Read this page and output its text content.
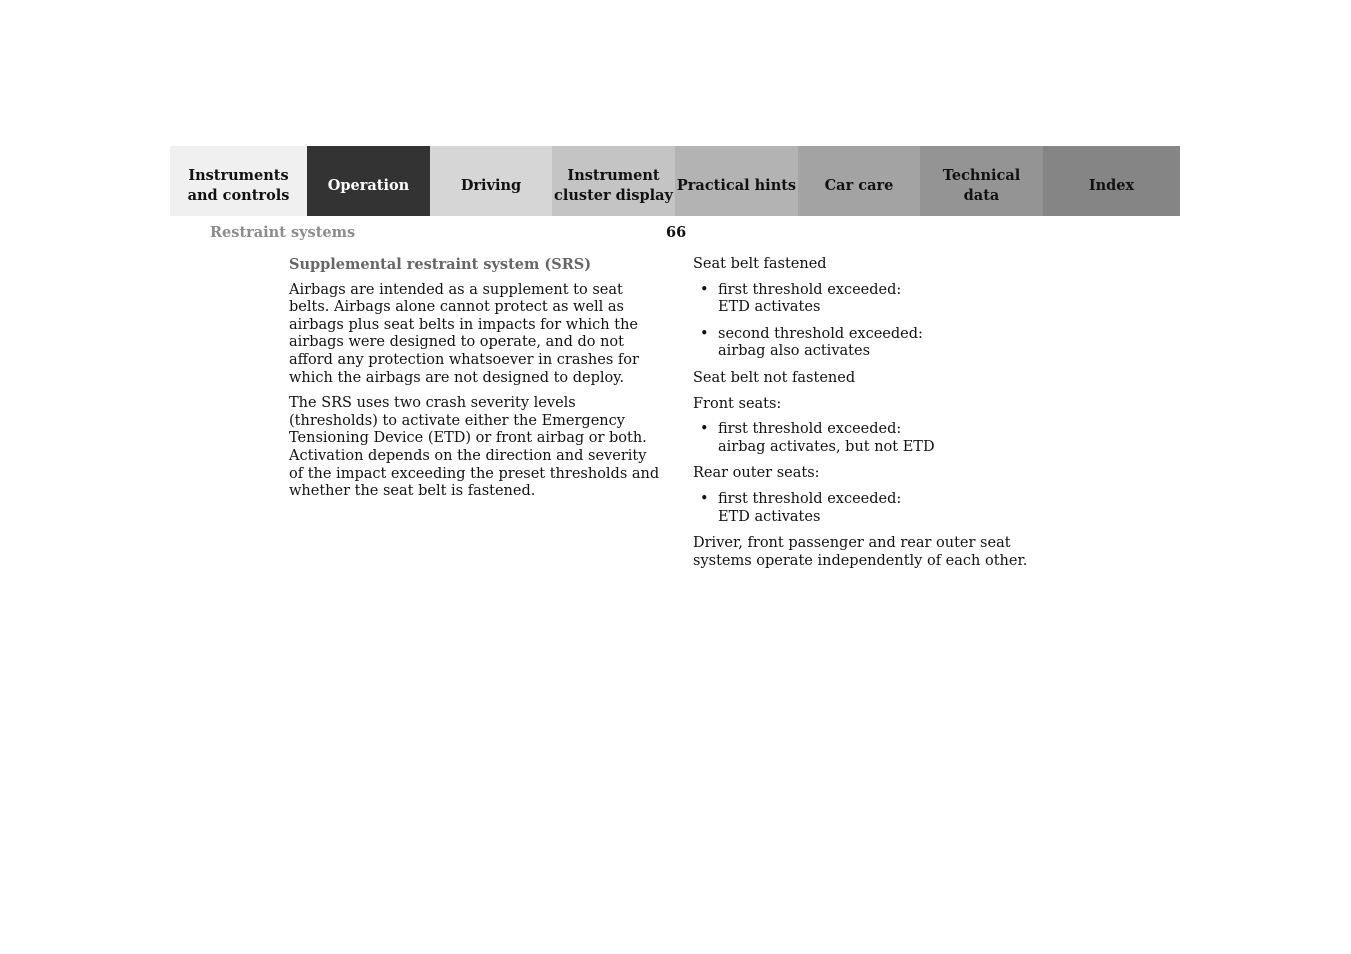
Instruments
and controls
Operation	Driving
Instrument
cluster display
Practical hints Car care
Technical
data
Index
Restraint systems	66
Supplemental restraint system (SRS)

Airbags are intended as a supplement to seat belts. Airbags alone cannot protect as well as airbags plus seat belts in impacts for which the airbags were designed to operate, and do not afford any protection whatsoever in crashes for which the airbags are not designed to deploy.

The SRS uses two crash severity levels (thresholds) to activate either the Emergency Tensioning Device (ETD) or front airbag or both. Activation depends on the direction and severity of the impact exceeding the preset thresholds and whether the seat belt is fastened.

Seat belt fastened

• first threshold exceeded:
ETD activates
• second threshold exceeded:
airbag also activates

Seat belt not fastened

Front seats:

• first threshold exceeded:
airbag activates, but not ETD

Rear outer seats:

• first threshold exceeded:
ETD activates

Driver, front passenger and rear outer seat systems operate independently of each other.
